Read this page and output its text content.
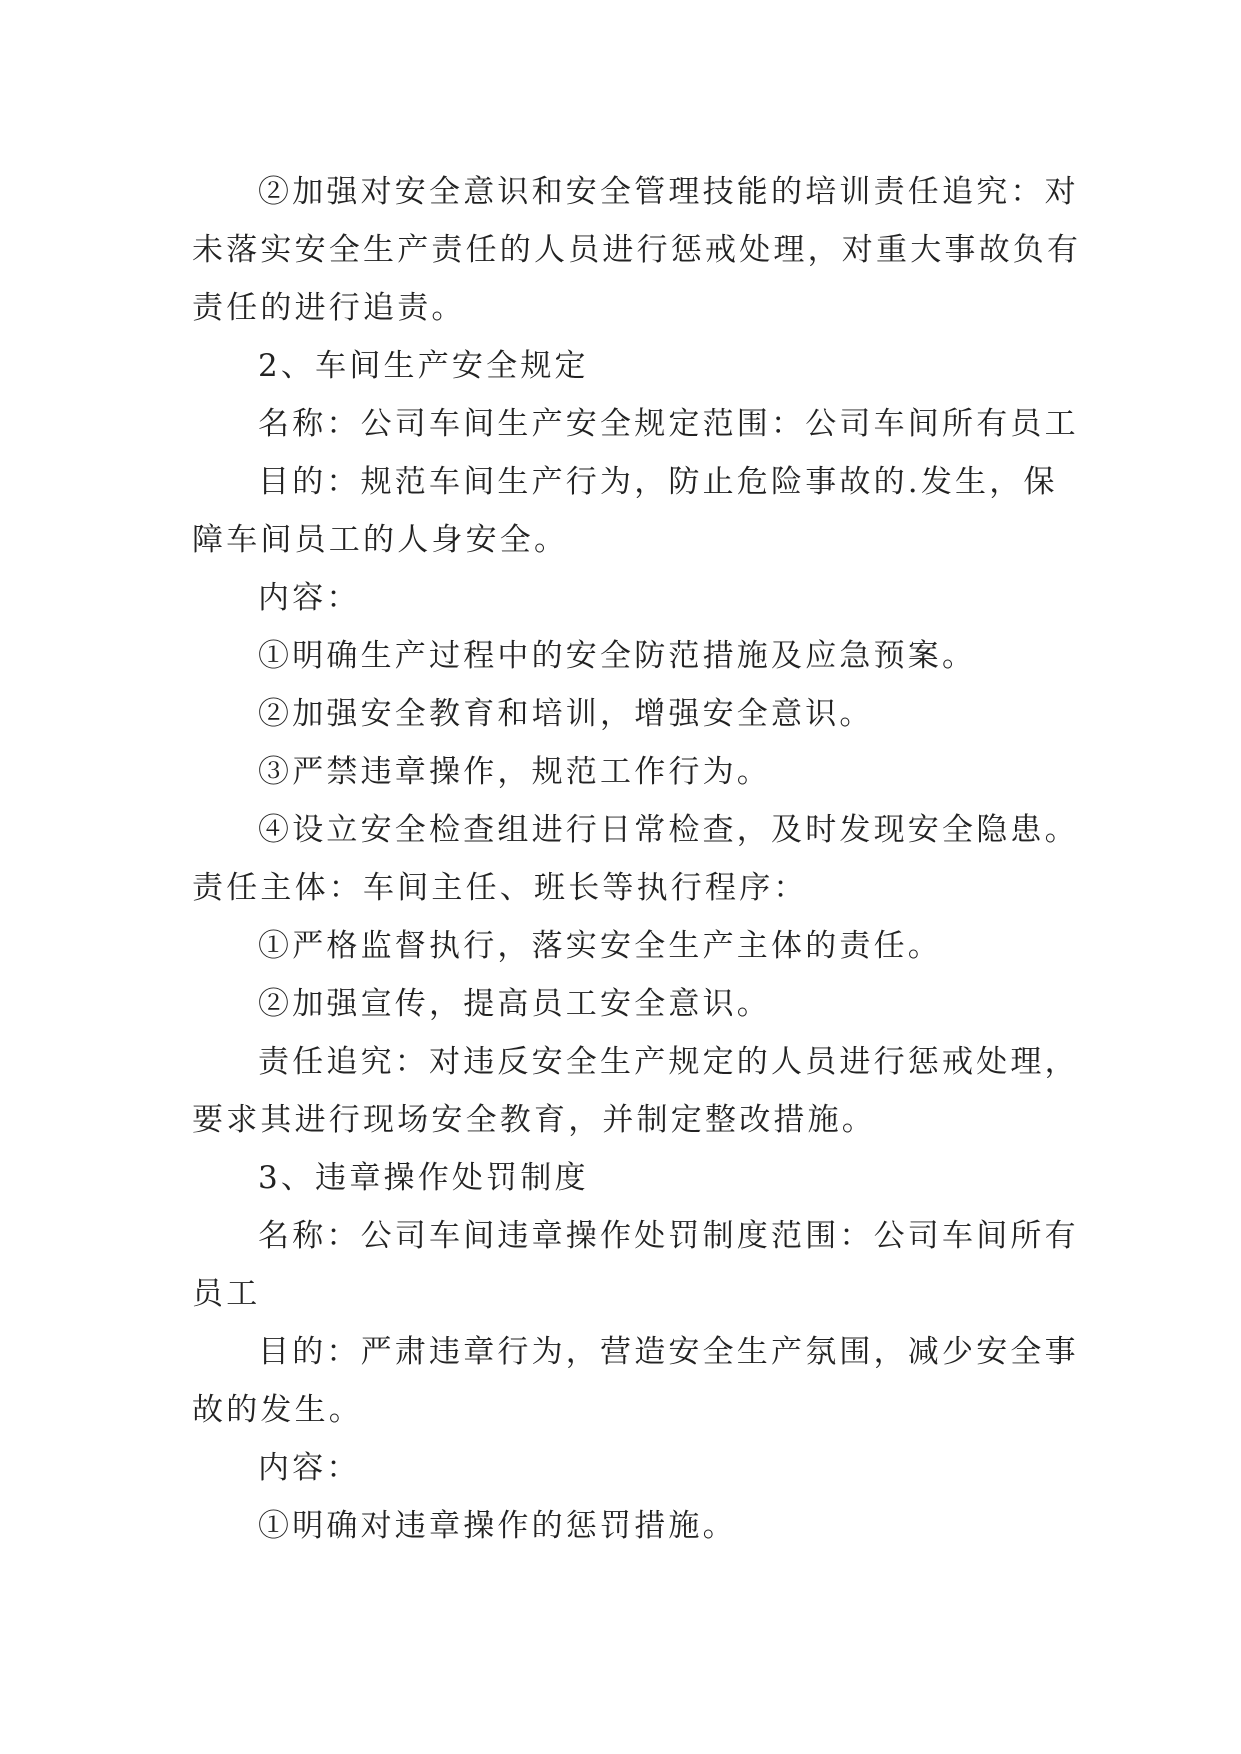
②加强对安全意识和安全管理技能的培训责任追究：对

未落实安全生产责任的人员进行惩戒处理，对重大事故负有

责任的进行追责。

2、车间生产安全规定

名称：公司车间生产安全规定范围：公司车间所有员工

目的：规范车间生产行为，防止危险事故的.发生，保

障车间员工的人身安全。

内容：

①明确生产过程中的安全防范措施及应急预案。

②加强安全教育和培训，增强安全意识。

③严禁违章操作，规范工作行为。

④设立安全检查组进行日常检查，及时发现安全隐患。

责任主体：车间主任、班长等执行程序：

①严格监督执行，落实安全生产主体的责任。

②加强宣传，提高员工安全意识。

责任追究：对违反安全生产规定的人员进行惩戒处理，

要求其进行现场安全教育，并制定整改措施。

3、违章操作处罚制度

名称：公司车间违章操作处罚制度范围：公司车间所有

员工

目的：严肃违章行为，营造安全生产氛围，减少安全事

故的发生。

内容：

①明确对违章操作的惩罚措施。
